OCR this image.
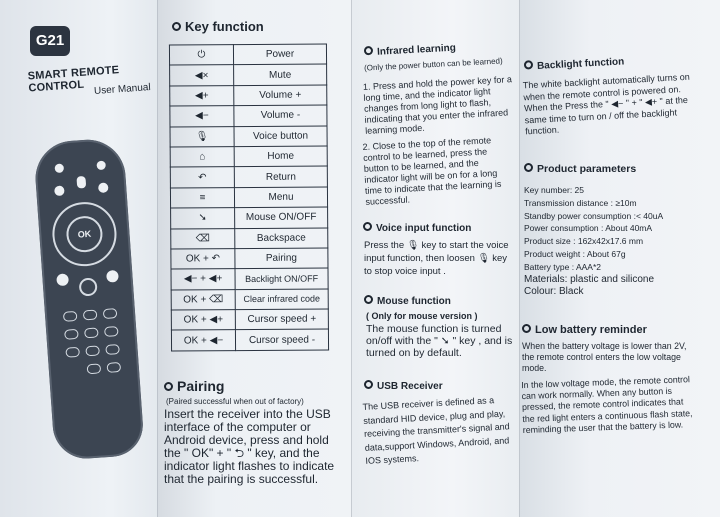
G21
SMART REMOTE CONTROL User Manual
OK
Key function
⏻	Power
◀×	Mute
◀+	Volume +
◀−	Volume -
🎙	Voice button
⌂	Home
↶	Return
≡	Menu
➘	Mouse ON/OFF
⌫	Backspace
OK + ↶	Pairing
◀− + ◀+	Backlight ON/OFF
OK + ⌫	Clear infrared code
OK + ◀+	Cursor speed +
OK + ◀−	Cursor speed -
Pairing
(Paired successful when out of factory)
Insert the receiver into the USB interface of the computer or Android device, press and hold the " OK" + " ⮌ " key, and the indicator light flashes to indicate that the pairing is successful.
Infrared learning
(Only the power button can be learned)
1. Press and hold the power key for a long time, and the indicator light changes from long light to flash, indicating that you enter the infrared learning mode.
2. Close to the top of the remote control to be learned, press the button to be learned, and the indicator light will be on for a long time to indicate that the learning is successful.
Voice input function
Press the 🎙 key to start the voice input function, then loosen 🎙 key to stop voice input .
Mouse function
( Only for mouse version )
The mouse function is turned on/off with the " ➘ " key , and is turned on by default.
USB Receiver
The USB receiver is defined as a standard HID device, plug and play, receiving the transmitter's signal and data,support Windows, Android, and IOS systems.
Backlight function
The white backlight automatically turns on when the remote control is powered on. When the Press the " ◀− " + " ◀+ " at the same time to turn on / off the backlight function.
Product parameters
Key number: 25
Transmission distance : ≥10m
Standby power consumption :< 40uA
Power consumption : About 40mA
Product size : 162x42x17.6 mm
Product weight : About 67g
Battery type : AAA*2
Materials: plastic and silicone
Colour: Black
Low battery reminder
When the battery voltage is lower than 2V, the remote control enters the low voltage mode.
In the low voltage mode, the remote control can work normally. When any button is pressed, the remote control indicates that the red light enters a continuous flash state, reminding the user that the battery is low.
